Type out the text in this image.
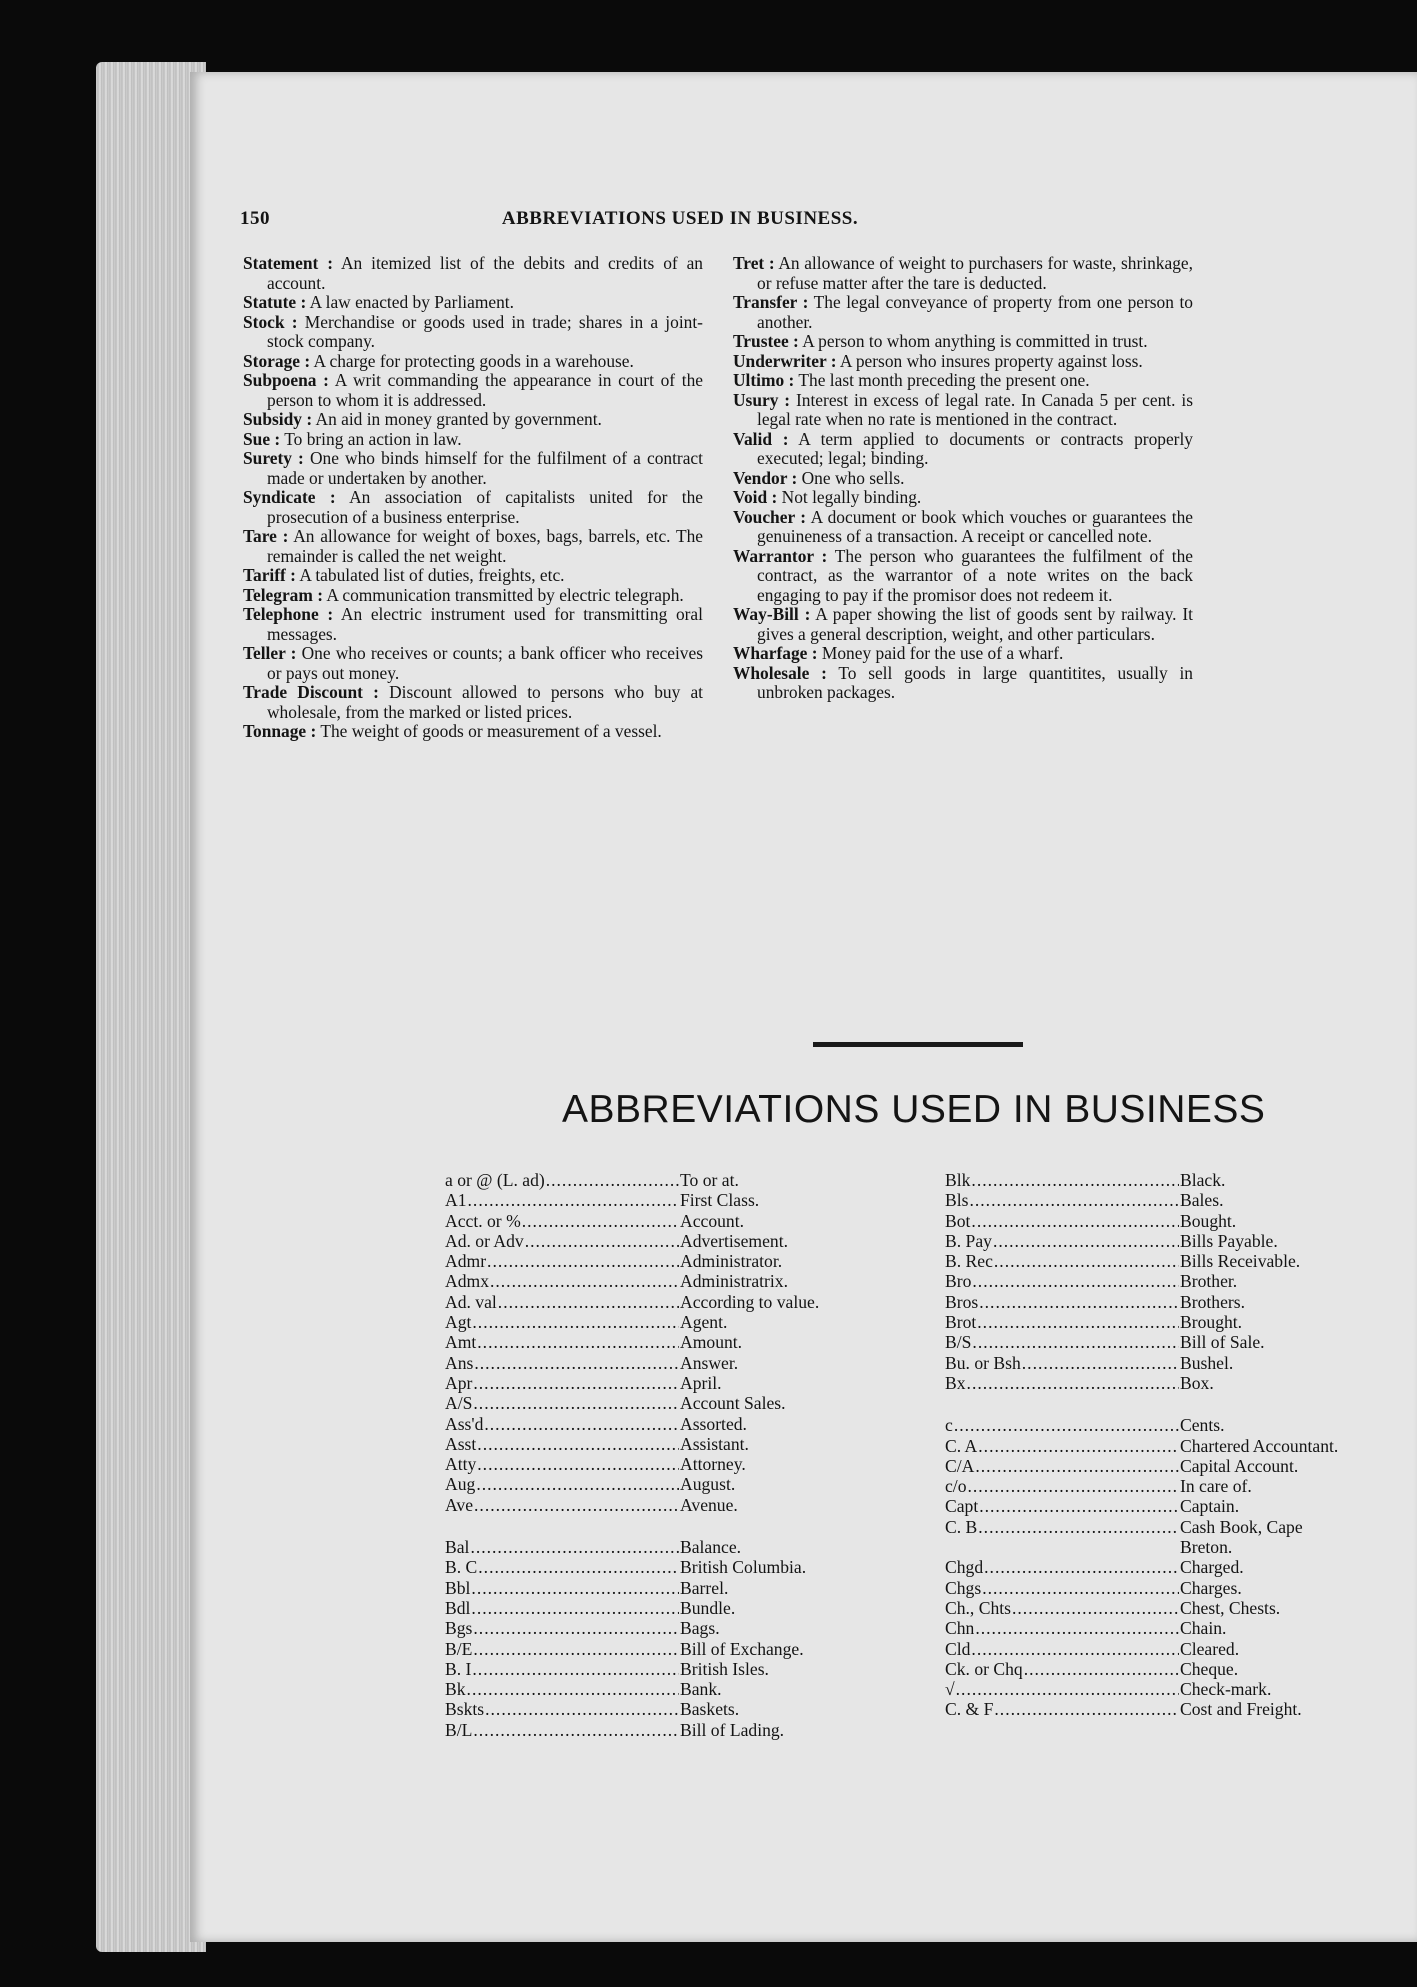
150	ABBREVIATIONS USED IN BUSINESS.

Statement : An itemized list of the debits and credits of an account.

Statute : A law enacted by Parliament.

Stock : Merchandise or goods used in trade; shares in a joint-stock company.

Storage : A charge for protecting goods in a warehouse.

Subpoena : A writ commanding the appearance in court of the person to whom it is addressed.

Subsidy : An aid in money granted by government.

Sue : To bring an action in law.

Surety : One who binds himself for the fulfilment of a contract made or undertaken by another.

Syndicate : An association of capitalists united for the prosecution of a business enterprise.

Tare : An allowance for weight of boxes, bags, barrels, etc. The remainder is called the net weight.

Tariff : A tabulated list of duties, freights, etc.

Telegram : A communication transmitted by electric telegraph.

Telephone : An electric instrument used for transmitting oral messages.

Teller : One who receives or counts; a bank officer who receives or pays out money.

Trade Discount : Discount allowed to persons who buy at wholesale, from the marked or listed prices.

Tonnage : The weight of goods or measurement of a vessel.

Tret : An allowance of weight to purchasers for waste, shrinkage, or refuse matter after the tare is deducted.

Transfer : The legal conveyance of property from one person to another.

Trustee : A person to whom anything is committed in trust.

Underwriter : A person who insures property against loss.

Ultimo : The last month preceding the present one.

Usury : Interest in excess of legal rate. In Canada 5 per cent. is legal rate when no rate is mentioned in the contract.

Valid : A term applied to documents or contracts properly executed; legal; binding.

Vendor : One who sells.

Void : Not legally binding.

Voucher : A document or book which vouches or guarantees the genuineness of a transaction. A receipt or cancelled note.

Warrantor : The person who guarantees the fulfilment of the contract, as the warrantor of a note writes on the back engaging to pay if the promisor does not redeem it.

Way-Bill : A paper showing the list of goods sent by railway. It gives a general description, weight, and other particulars.

Wharfage : Money paid for the use of a wharf.

Wholesale : To sell goods in large quantitites, usually in unbroken packages.

ABBREVIATIONS USED IN BUSINESS
a or @ (L. ad) .....	To or at.
A1 .....	First Class.
Acct. or % .....	Account.
Ad. or Adv .....	Advertisement.
Admr .....	Administrator.
Admx .....	Administratrix.
Ad. val .....	According to value.
Agt .....	Agent.
Amt .....	Amount.
Ans .....	Answer.
Apr .....	April.
A/S .....	Account Sales.
Ass'd .....	Assorted.
Asst .....	Assistant.
Atty .....	Attorney.
Aug .....	August.
Ave .....	Avenue.
Bal .....	Balance.
B. C .....	British Columbia.
Bbl .....	Barrel.
Bdl .....	Bundle.
Bgs .....	Bags.
B/E .....	Bill of Exchange.
B. I .....	British Isles.
Bk .....	Bank.
Bskts .....	Baskets.
B/L .....	Bill of Lading.
Blk .....	Black.
Bls .....	Bales.
Bot .....	Bought.
B. Pay .....	Bills Payable.
B. Rec .....	Bills Receivable.
Bro .....	Brother.
Bros .....	Brothers.
Brot .....	Brought.
B/S .....	Bill of Sale.
Bu. or Bsh .....	Bushel.
Bx .....	Box.
c .....	Cents.
C. A .....	Chartered Accountant.
C/A .....	Capital Account.
c/o .....	In care of.
Capt .....	Captain.
C. B .....	Cash Book, Cape
Breton.
Chgd .....	Charged.
Chgs .....	Charges.
Ch., Chts .....	Chest, Chests.
Chn .....	Chain.
Cld .....	Cleared.
Ck. or Chq .....	Cheque.
√ .....	Check-mark.
C. & F .....	Cost and Freight.
